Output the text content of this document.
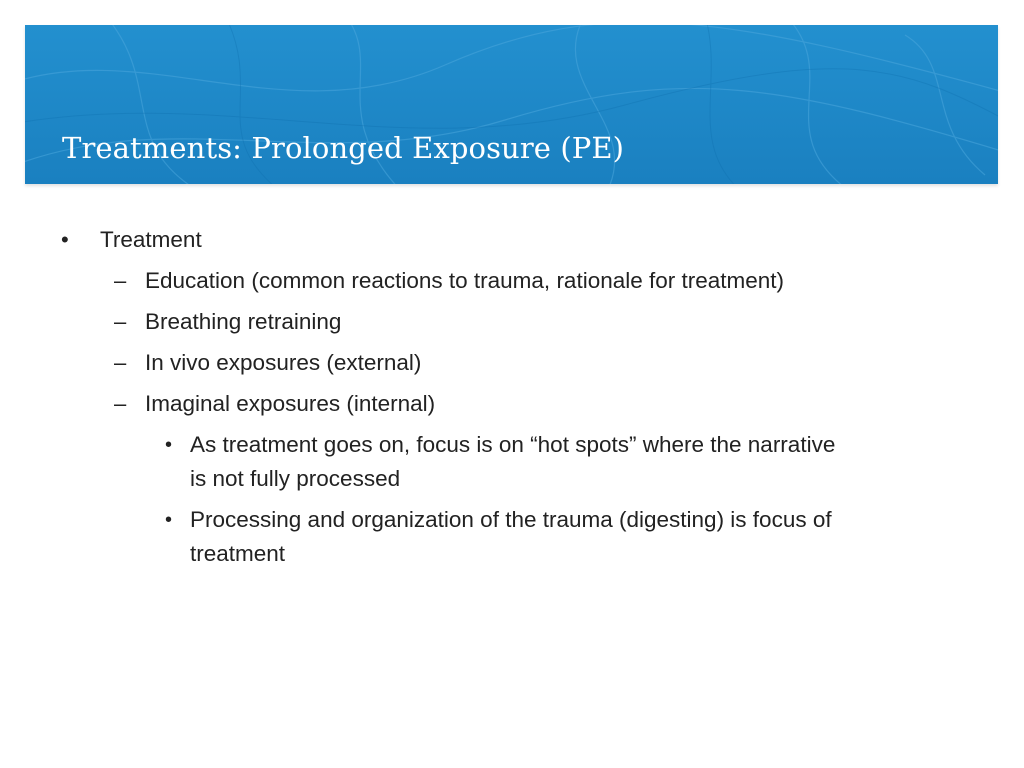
Treatments: Prolonged Exposure (PE)
• Treatment
– Education (common reactions to trauma, rationale for treatment)
– Breathing retraining
– In vivo exposures (external)
– Imaginal exposures (internal)
• As treatment goes on, focus is on “hot spots” where the narrative
is not fully processed
• Processing and organization of the trauma (digesting) is focus of
treatment
